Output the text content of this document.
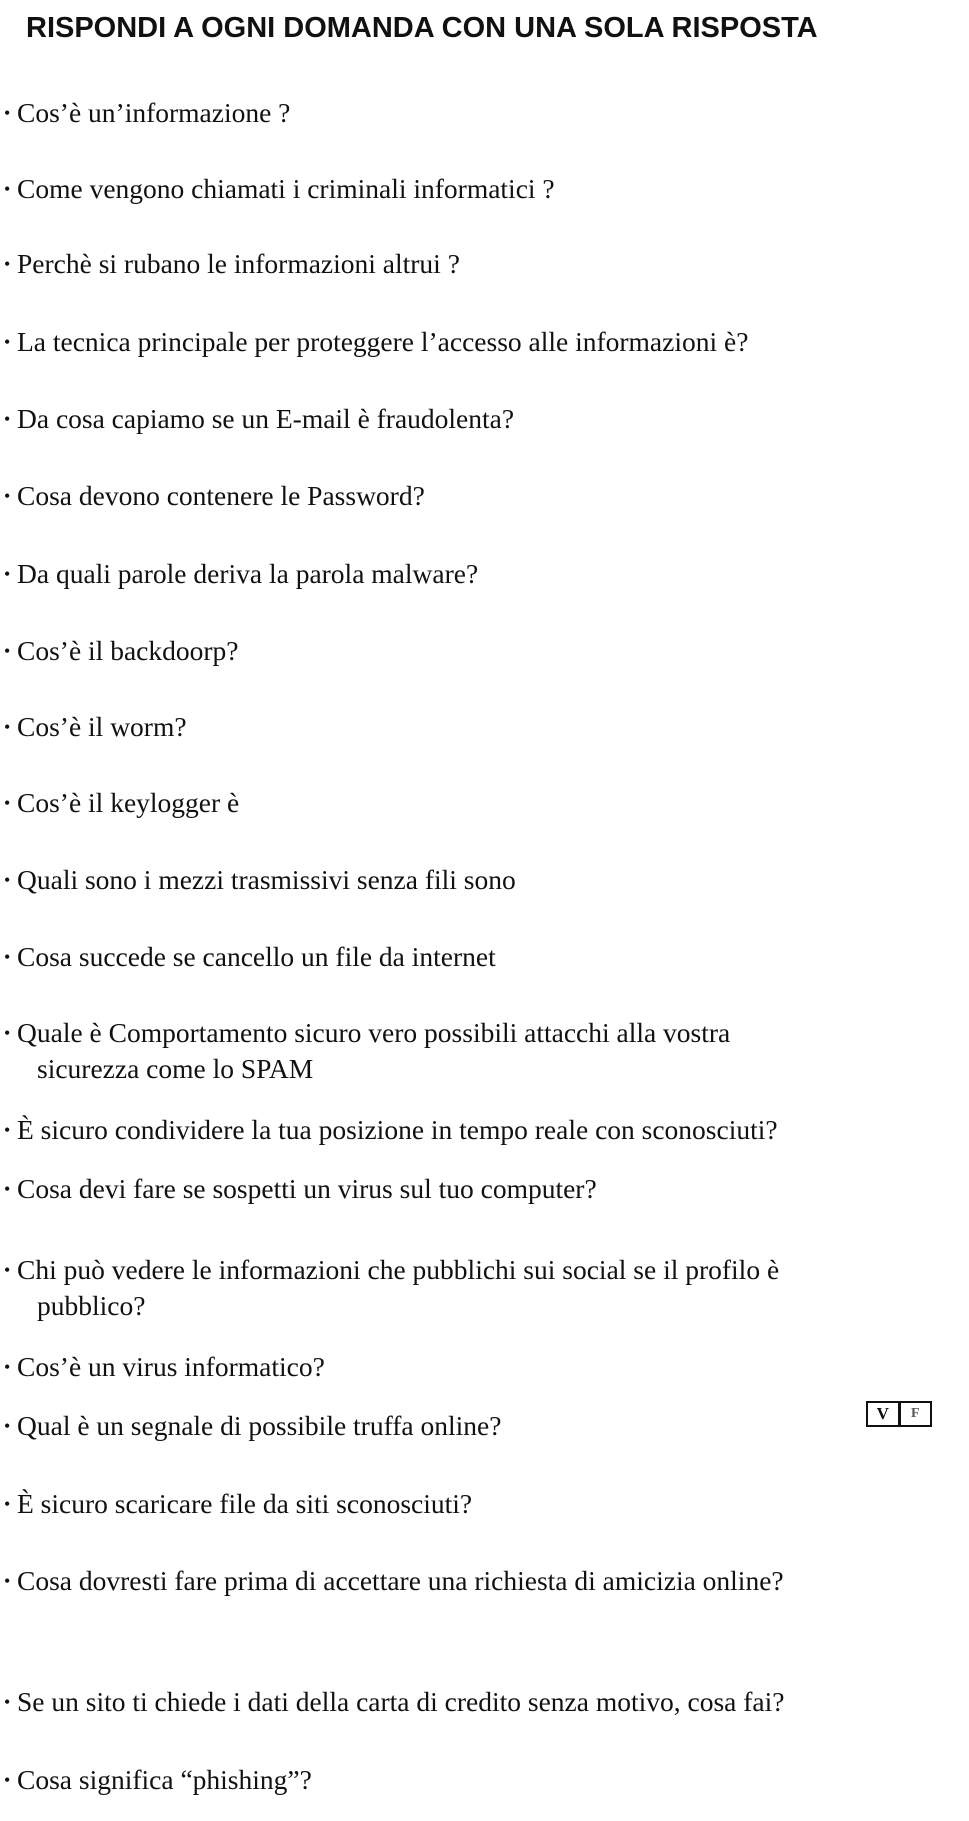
RISPONDI A OGNI DOMANDA CON UNA SOLA RISPOSTA
• Cos’è un’informazione ?
• Come vengono chiamati i criminali informatici ?
• Perchè si rubano le informazioni altrui ?
• La tecnica principale per proteggere l’accesso alle informazioni è?
• Da cosa capiamo se un E-mail è fraudolenta?
• Cosa devono contenere le Password?
• Da quali parole deriva la parola malware?
• Cos’è il backdoorp?
• Cos’è il worm?
• Cos’è il keylogger è
• Quali sono i mezzi trasmissivi senza fili sono
• Cosa succede se cancello un file da internet
• Quale è Comportamento sicuro vero possibili attacchi alla vostra
sicurezza come lo SPAM
• È sicuro condividere la tua posizione in tempo reale con sconosciuti?
• Cosa devi fare se sospetti un virus sul tuo computer?
• Chi può vedere le informazioni che pubblichi sui social se il profilo è
pubblico?
• Cos’è un virus informatico?
• Qual è un segnale di possibile truffa online?
• È sicuro scaricare file da siti sconosciuti?
• Cosa dovresti fare prima di accettare una richiesta di amicizia online?
• Se un sito ti chiede i dati della carta di credito senza motivo, cosa fai?
• Cosa significa “phishing”?
V	F
